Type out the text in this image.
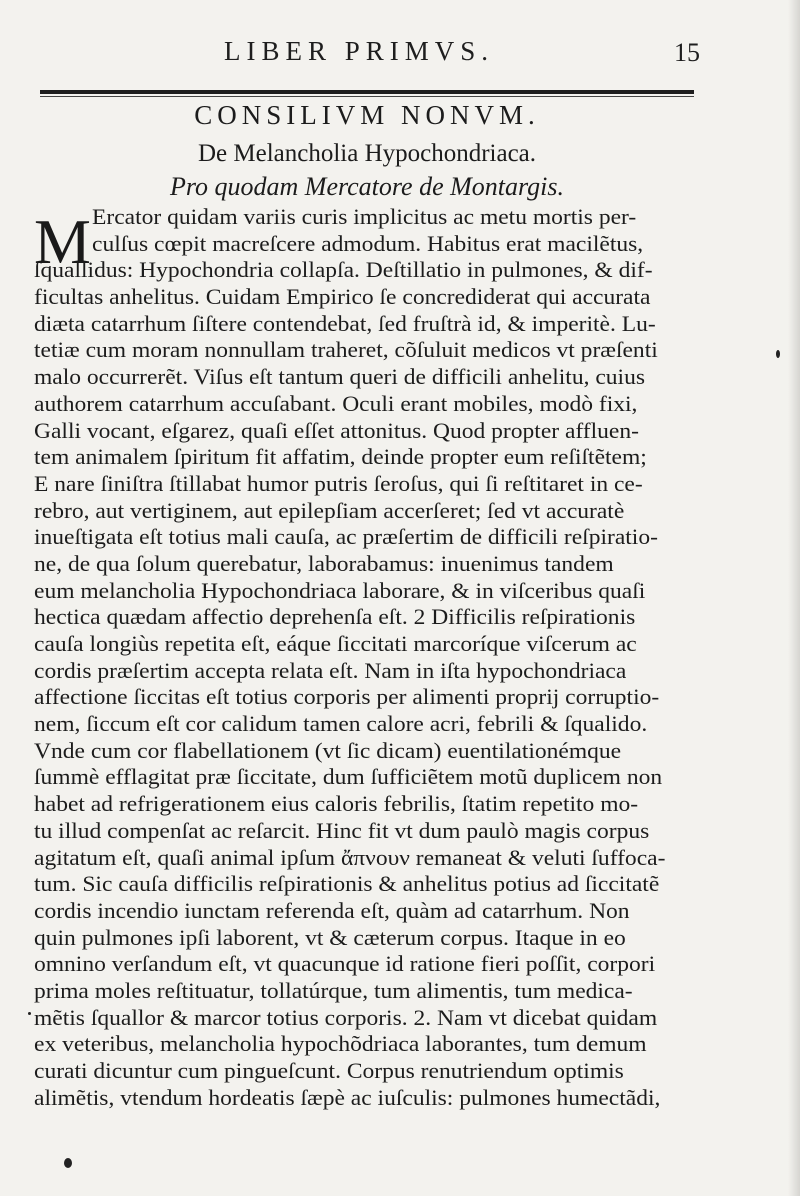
LIBER PRIMVS.	15
CONSILIVM NONVM.
De Melancholia Hypochondriaca.
Pro quodam Mercatore de Montargis.
M Ercator quidam variis curis implicitus ac metu mortis per-
culſus cœpit macreſcere admodum. Habitus erat macilẽtus,
ſquallidus: Hypochondria collapſa. Deſtillatio in pulmones, & dif-
ficultas anhelitus. Cuidam Empirico ſe concrediderat qui accurata
diæta catarrhum ſiſtere contendebat, ſed fruſtrà id, & imperitè. Lu-
tetiæ cum moram nonnullam traheret, cõſuluit medicos vt præſenti
malo occurrerẽt. Viſus eſt tantum queri de difficili anhelitu, cuius
authorem catarrhum accuſabant. Oculi erant mobiles, modò fixi,
Galli vocant, eſgarez, quaſi eſſet attonitus. Quod propter affluen-
tem animalem ſpiritum fit affatim, deinde propter eum reſiſtẽtem;
E nare ſiniſtra ſtillabat humor putris ſeroſus, qui ſi reſtitaret in ce-
rebro, aut vertiginem, aut epilepſiam accerſeret; ſed vt accuratè
inueſtigata eſt totius mali cauſa, ac præſertim de difficili reſpiratio-
ne, de qua ſolum querebatur, laborabamus: inuenimus tandem
eum melancholia Hypochondriaca laborare, & in viſceribus quaſi
hectica quædam affectio deprehenſa eſt. 2 Difficilis reſpirationis
cauſa longiùs repetita eſt, eáque ſiccitati marcoríque viſcerum ac
cordis præſertim accepta relata eſt. Nam in iſta hypochondriaca
affectione ſiccitas eſt totius corporis per alimenti proprij corruptio-
nem, ſiccum eſt cor calidum tamen calore acri, febrili & ſqualido.
Vnde cum cor flabellationem (vt ſic dicam) euentilationémque
ſummè efflagitat præ ſiccitate, dum ſufficiẽtem motũ duplicem non
habet ad refrigerationem eius caloris febrilis, ſtatim repetito mo-
tu illud compenſat ac reſarcit. Hinc fit vt dum paulò magis corpus
agitatum eſt, quaſi animal ipſum ἄπνουν remaneat & veluti ſuffoca-
tum. Sic cauſa difficilis reſpirationis & anhelitus potius ad ſiccitatẽ
cordis incendio iunctam referenda eſt, quàm ad catarrhum. Non
quin pulmones ipſi laborent, vt & cæterum corpus. Itaque in eo
omnino verſandum eſt, vt quacunque id ratione fieri poſſit, corpori
prima moles reſtituatur, tollatúrque, tum alimentis, tum medica-
mẽtis ſquallor & marcor totius corporis. 2. Nam vt dicebat quidam
ex veteribus, melancholia hypochõdriaca laborantes, tum demum
curati dicuntur cum pingueſcunt. Corpus renutriendum optimis
alimẽtis, vtendum hordeatis ſæpè ac iuſculis: pulmones humectãdi,
